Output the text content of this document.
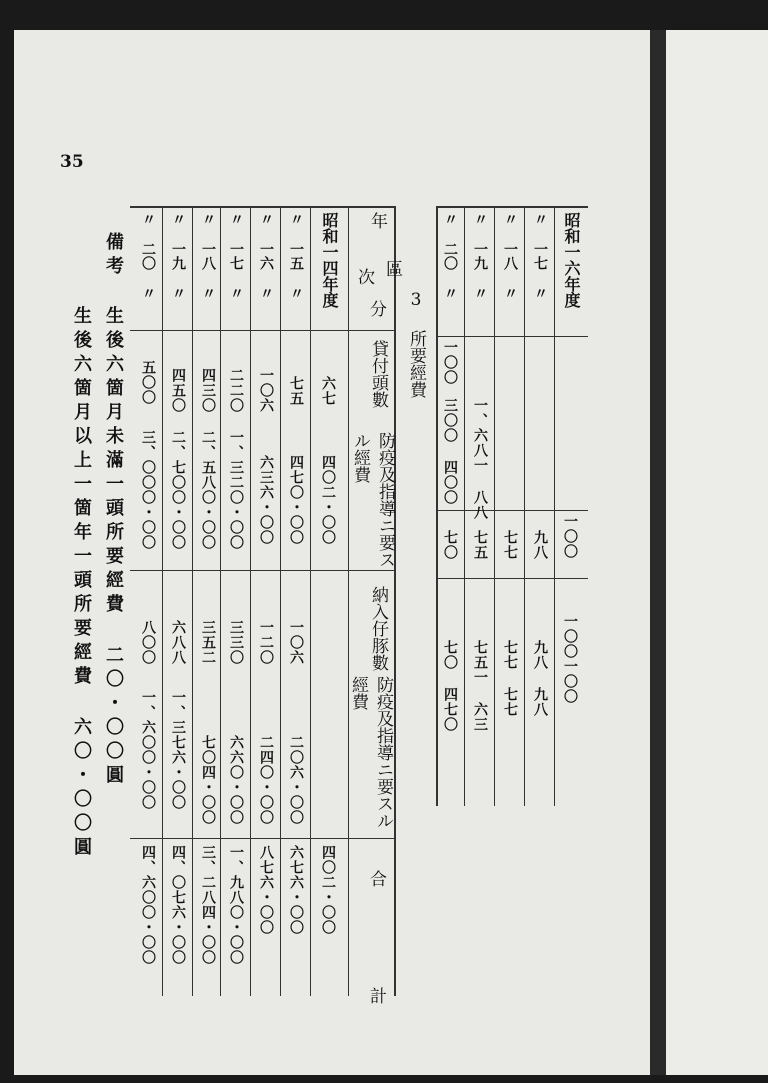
35
3 所要經費
昭和一六年度
〃 一七 〃
〃 一八 〃
〃 一九 〃
〃 二〇 〃
一〇〇
一、六八一 八八
三〇〇 四〇〇
一〇〇
九八
七七
七五
七〇
一〇〇一〇〇
九八 九八
七七 七七
七五一 六三
七〇 四七〇
年
區
次
分
貸付頭數
防疫及指導ニ要スル經費
納入仔豚數
防疫及指導ニ要スル經費
合 計
昭和一四年度
〃 一五 〃
〃 一六 〃
〃 一七 〃
〃 一八 〃
〃 一九 〃
〃 二〇 〃
六七
七五
一〇六
二二〇
四三〇
四五〇
五〇〇
四〇二・〇〇
四七〇・〇〇
六三六・〇〇
一、三二〇・〇〇
二、五八〇・〇〇
二、七〇〇・〇〇
三、〇〇〇・〇〇
一〇六
一二〇
三三〇
三五二
六八八
八〇〇
二〇六・〇〇
二四〇・〇〇
六六〇・〇〇
七〇四・〇〇
一、三七六・〇〇
一、六〇〇・〇〇
四〇二・〇〇
六七六・〇〇
八七六・〇〇
一、九八〇・〇〇
三、二八四・〇〇
四、〇七六・〇〇
四、六〇〇・〇〇
備考
生後六箇月未滿一頭所要經費 二〇・〇〇圓
生後六箇月以上一箇年一頭所要經費 六〇・〇〇圓
